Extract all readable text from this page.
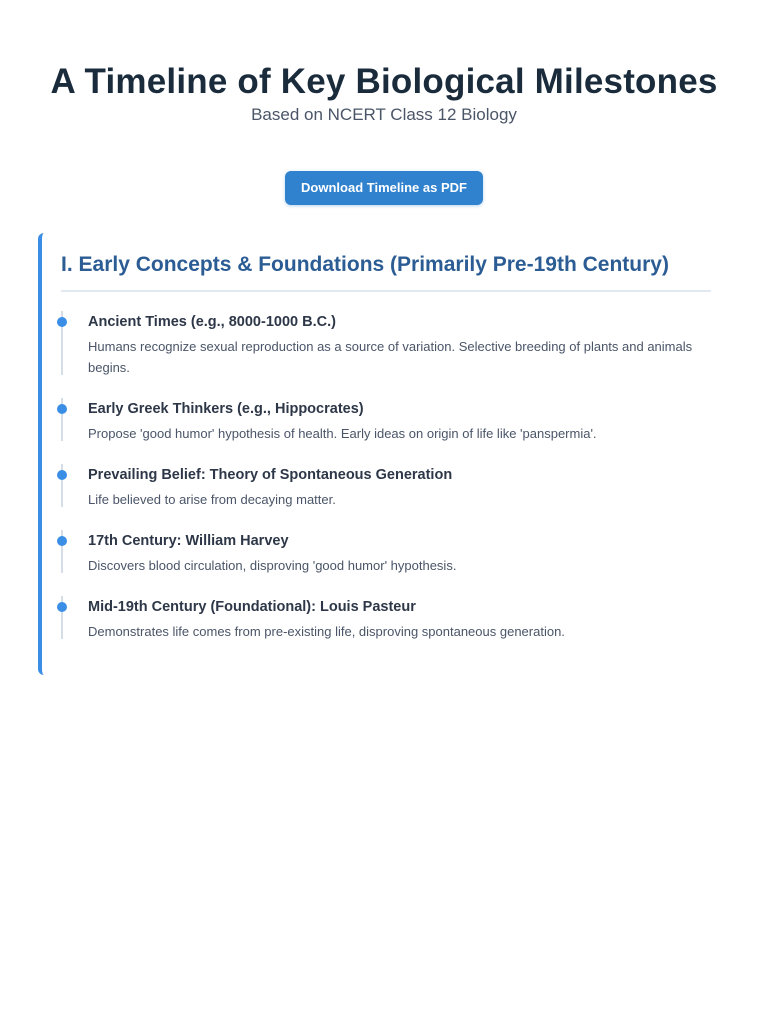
A Timeline of Key Biological Milestones

Based on NCERT Class 12 Biology

Download Timeline as PDF
I. Early Concepts & Foundations (Primarily Pre-19th Century)
Ancient Times (e.g., 8000-1000 B.C.)

Humans recognize sexual reproduction as a source of variation. Selective breeding of plants and animals begins.

Early Greek Thinkers (e.g., Hippocrates)

Propose 'good humor' hypothesis of health. Early ideas on origin of life like 'panspermia'.

Prevailing Belief: Theory of Spontaneous Generation

Life believed to arise from decaying matter.

17th Century: William Harvey

Discovers blood circulation, disproving 'good humor' hypothesis.

Mid-19th Century (Foundational): Louis Pasteur

Demonstrates life comes from pre-existing life, disproving spontaneous generation.
